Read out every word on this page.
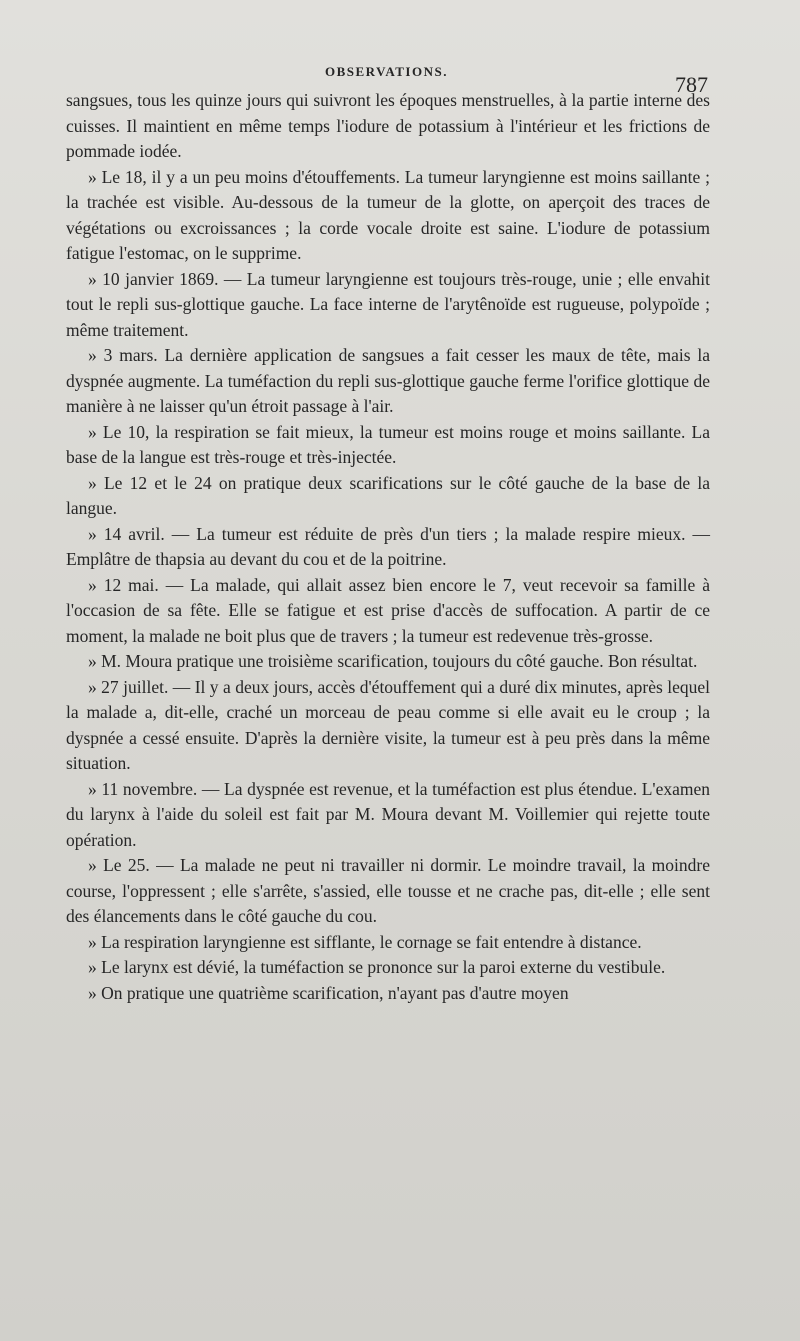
OBSERVATIONS.
787

sangsues, tous les quinze jours qui suivront les époques menstruelles, à la partie interne des cuisses. Il maintient en même temps l'iodure de potassium à l'intérieur et les frictions de pommade iodée.

» Le 18, il y a un peu moins d'étouffements. La tumeur laryngienne est moins saillante ; la trachée est visible. Au-dessous de la tumeur de la glotte, on aperçoit des traces de végétations ou excroissances ; la corde vocale droite est saine. L'iodure de potassium fatigue l'estomac, on le supprime.

» 10 janvier 1869. — La tumeur laryngienne est toujours très-rouge, unie ; elle envahit tout le repli sus-glottique gauche. La face interne de l'arytênoïde est rugueuse, polypoïde ; même traitement.

» 3 mars. La dernière application de sangsues a fait cesser les maux de tête, mais la dyspnée augmente. La tuméfaction du repli sus-glottique gauche ferme l'orifice glottique de manière à ne laisser qu'un étroit passage à l'air.

» Le 10, la respiration se fait mieux, la tumeur est moins rouge et moins saillante. La base de la langue est très-rouge et très-injectée.

» Le 12 et le 24 on pratique deux scarifications sur le côté gauche de la base de la langue.

» 14 avril. — La tumeur est réduite de près d'un tiers ; la malade respire mieux. — Emplâtre de thapsia au devant du cou et de la poitrine.

» 12 mai. — La malade, qui allait assez bien encore le 7, veut recevoir sa famille à l'occasion de sa fête. Elle se fatigue et est prise d'accès de suffocation. A partir de ce moment, la malade ne boit plus que de travers ; la tumeur est redevenue très-grosse.

» M. Moura pratique une troisième scarification, toujours du côté gauche. Bon résultat.

» 27 juillet. — Il y a deux jours, accès d'étouffement qui a duré dix minutes, après lequel la malade a, dit-elle, craché un morceau de peau comme si elle avait eu le croup ; la dyspnée a cessé ensuite. D'après la dernière visite, la tumeur est à peu près dans la même situation.

» 11 novembre. — La dyspnée est revenue, et la tuméfaction est plus étendue. L'examen du larynx à l'aide du soleil est fait par M. Moura devant M. Voillemier qui rejette toute opération.

» Le 25. — La malade ne peut ni travailler ni dormir. Le moindre travail, la moindre course, l'oppressent ; elle s'arrête, s'assied, elle tousse et ne crache pas, dit-elle ; elle sent des élancements dans le côté gauche du cou.

» La respiration laryngienne est sifflante, le cornage se fait entendre à distance.

» Le larynx est dévié, la tuméfaction se prononce sur la paroi externe du vestibule.

» On pratique une quatrième scarification, n'ayant pas d'autre moyen
